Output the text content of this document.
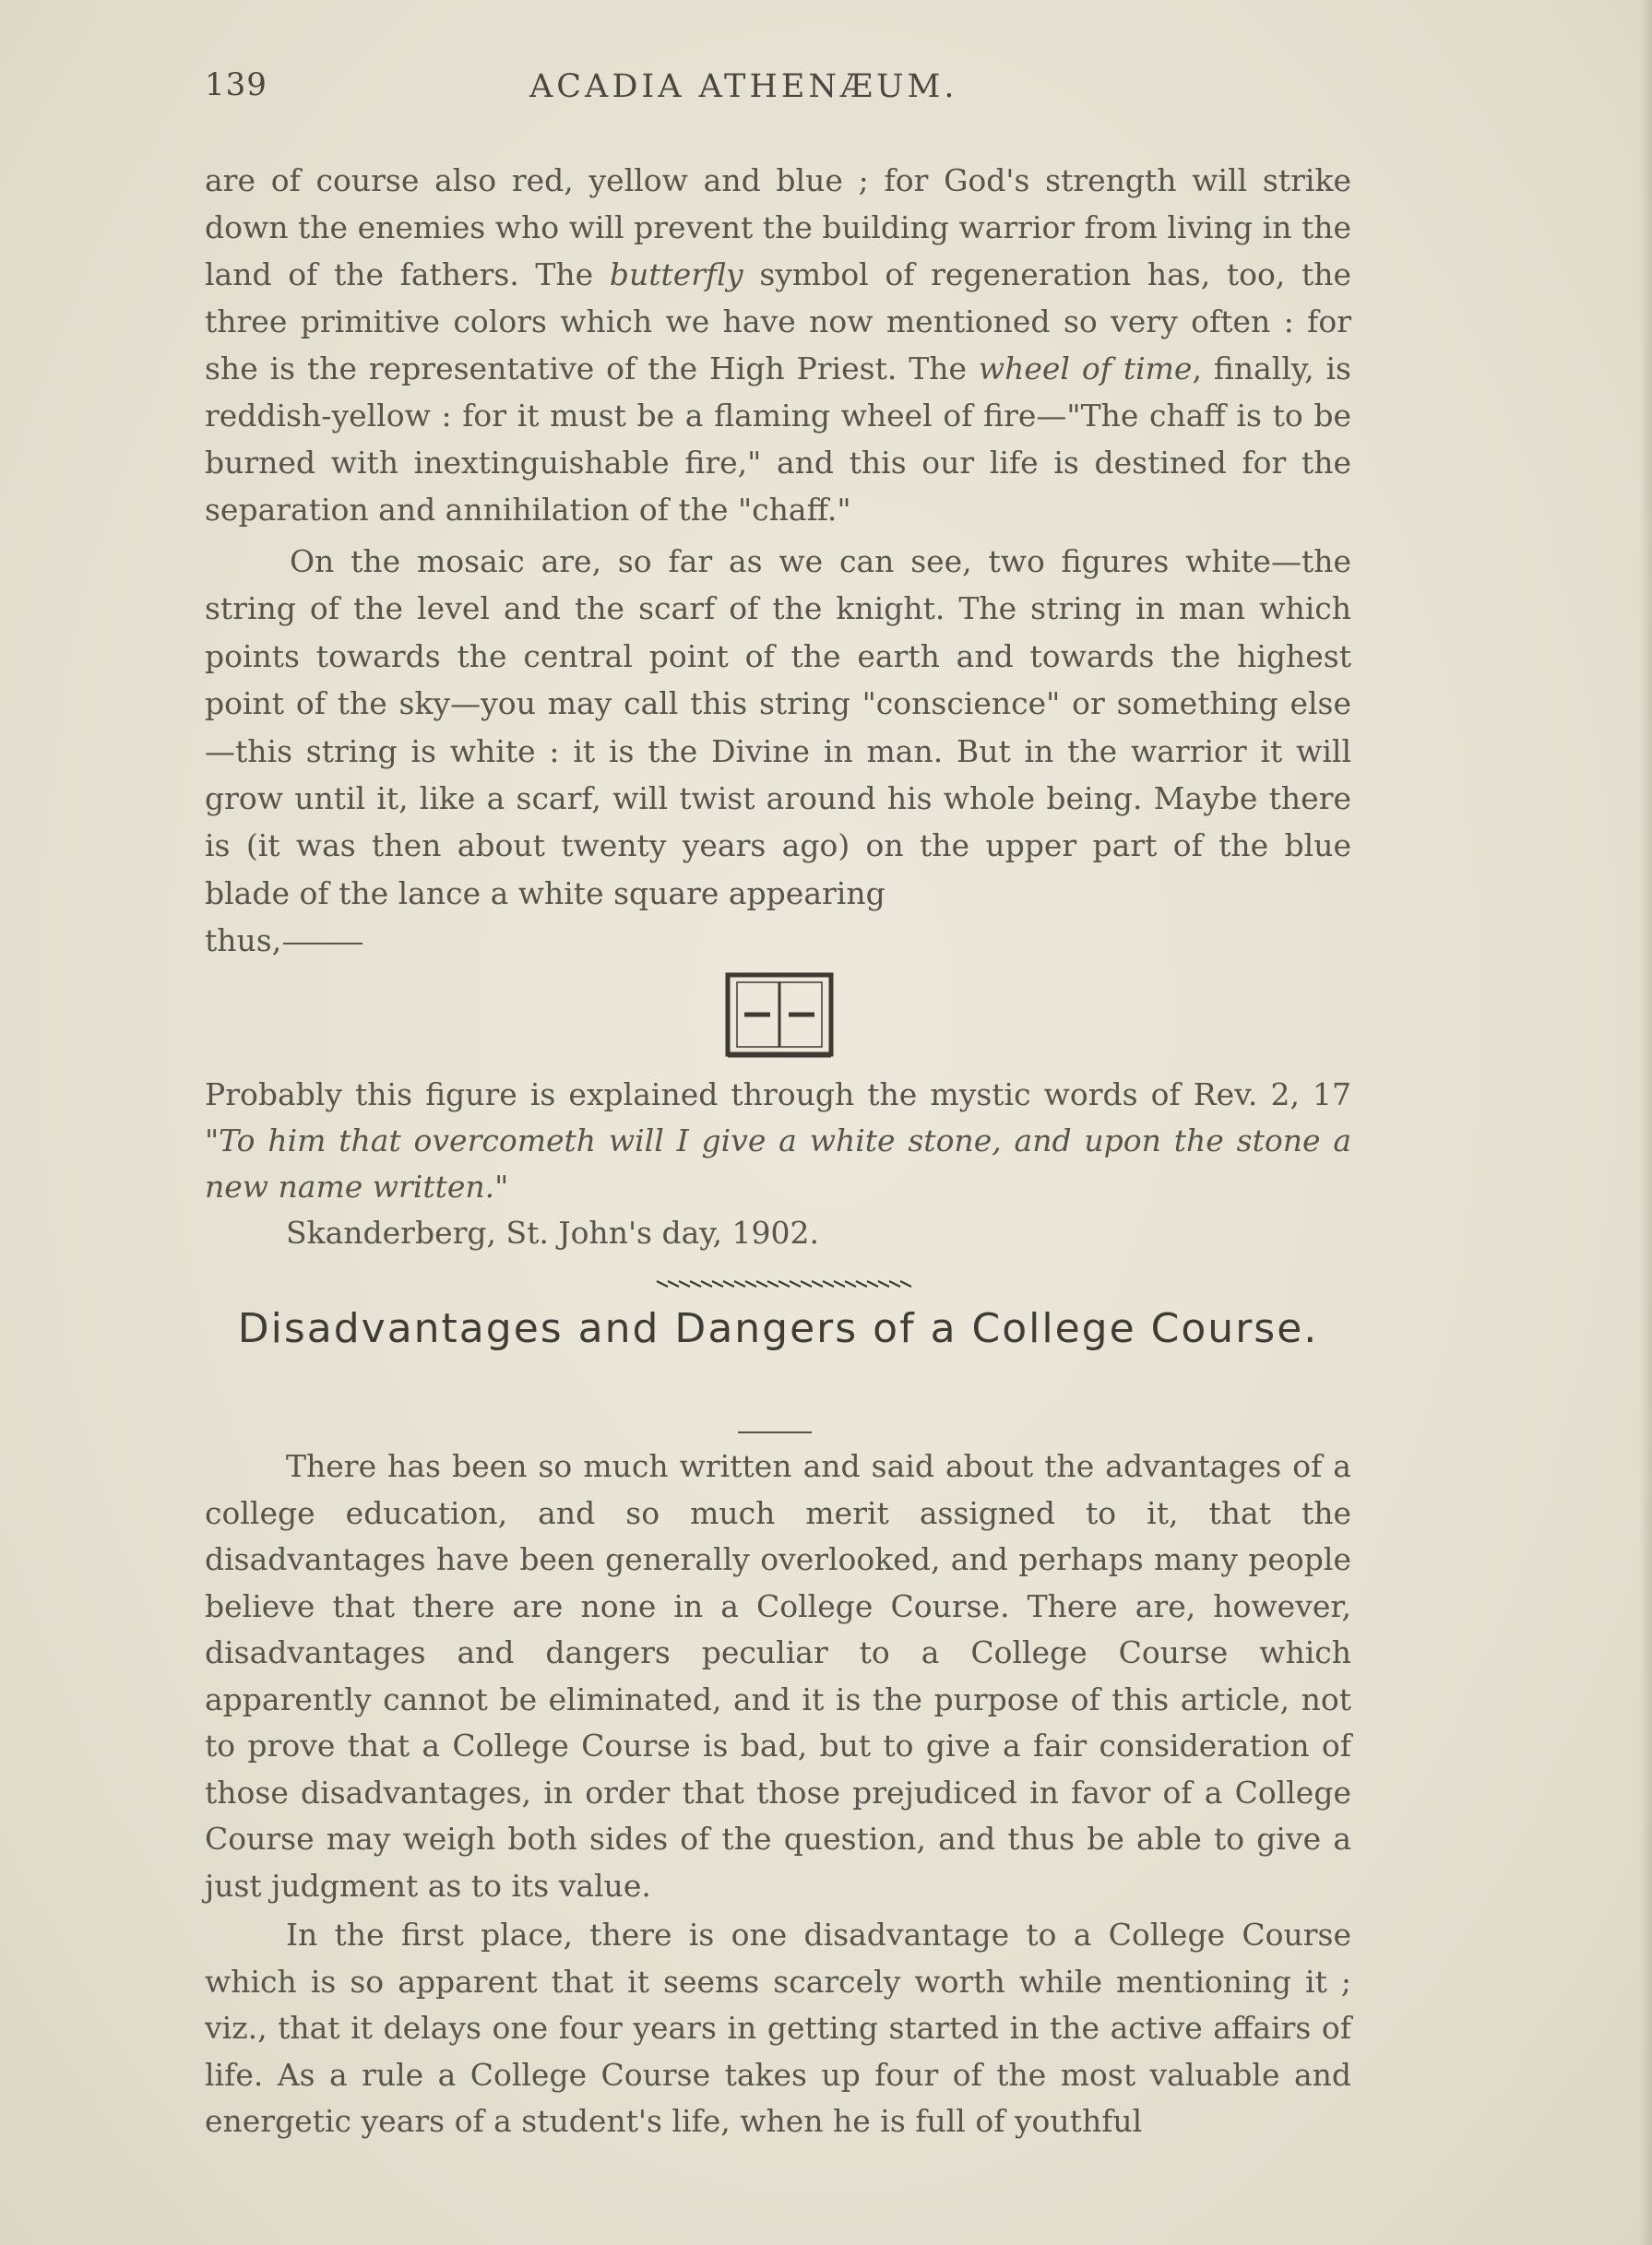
139	ACADIA ATHENÆUM.
are of course also red, yellow and blue ; for God's strength will strike down the enemies who will prevent the building warrior from living in the land of the fathers. The butterfly symbol of regeneration has, too, the three primitive colors which we have now mentioned so very often : for she is the representative of the High Priest. The wheel of time, finally, is reddish-yellow : for it must be a flaming wheel of fire—"The chaff is to be burned with inextinguishable fire," and this our life is destined for the separation and annihilation of the "chaff."
On the mosaic are, so far as we can see, two figures white—the string of the level and the scarf of the knight. The string in man which points towards the central point of the earth and towards the highest point of the sky—you may call this string "conscience" or something else—this string is white : it is the Divine in man. But in the warrior it will grow until it, like a scarf, will twist around his whole being. Maybe there is (it was then about twenty years ago) on the upper part of the blue blade of the lance a white square appearing
thus,
Probably this figure is explained through the mystic words of Rev. 2, 17 "To him that overcometh will I give a white stone, and upon the stone a new name written."
Skanderberg, St. John's day, 1902.
Disadvantages and Dangers of a College Course.
There has been so much written and said about the advantages of a college education, and so much merit assigned to it, that the disadvantages have been generally overlooked, and perhaps many people believe that there are none in a College Course. There are, however, disadvantages and dangers peculiar to a College Course which apparently cannot be eliminated, and it is the purpose of this article, not to prove that a College Course is bad, but to give a fair consideration of those disadvantages, in order that those prejudiced in favor of a College Course may weigh both sides of the question, and thus be able to give a just judgment as to its value.
In the first place, there is one disadvantage to a College Course which is so apparent that it seems scarcely worth while mentioning it ; viz., that it delays one four years in getting started in the active affairs of life. As a rule a College Course takes up four of the most valuable and energetic years of a student's life, when he is full of youthful
